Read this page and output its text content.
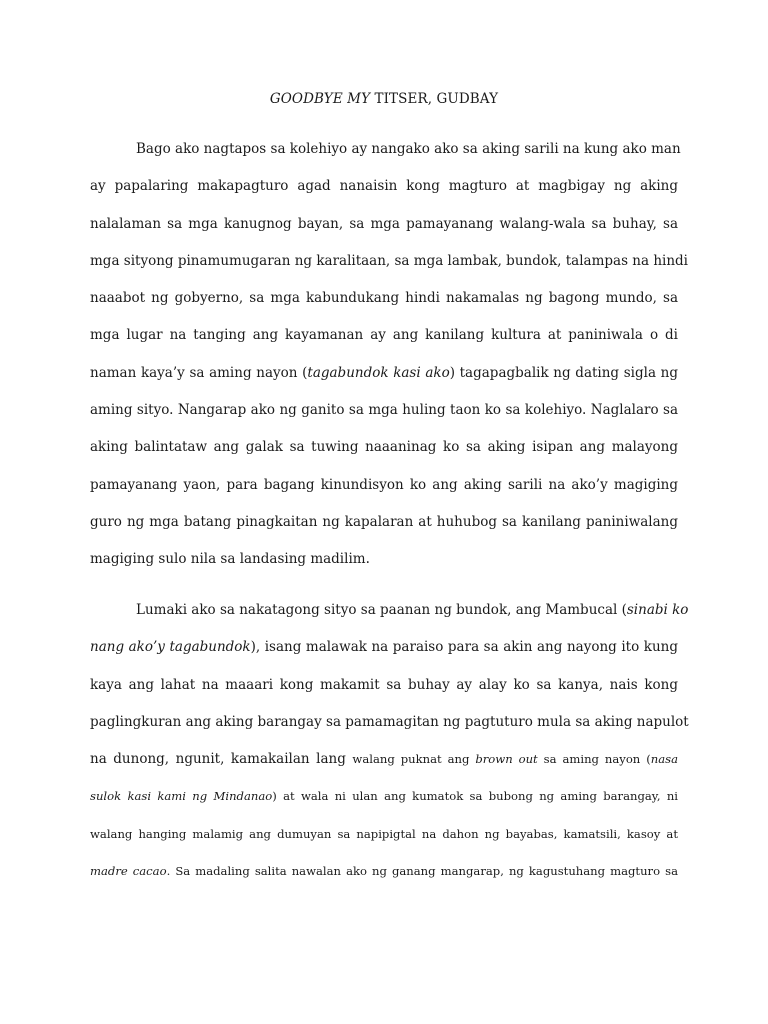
GOODBYE MY TITSER, GUDBAY
Bago ako nagtapos sa kolehiyo ay nangako ako sa aking sarili na kung ako man
ay papalaring makapagturo agad nanaisin kong magturo at magbigay ng aking
nalalaman sa mga kanugnog bayan, sa mga pamayanang walang-wala sa buhay, sa
mga sityong pinamumugaran ng karalitaan, sa mga lambak, bundok, talampas na hindi
naaabot ng gobyerno, sa mga kabundukang hindi nakamalas ng bagong mundo, sa
mga lugar na tanging ang kayamanan ay ang kanilang kultura at paniniwala o di
naman kaya’y sa aming nayon (tagabundok kasi ako) tagapagbalik ng dating sigla ng
aming sityo. Nangarap ako ng ganito sa mga huling taon ko sa kolehiyo. Naglalaro sa
aking balintataw ang galak sa tuwing naaaninag ko sa aking isipan ang malayong
pamayanang yaon, para bagang kinundisyon ko ang aking sarili na ako’y magiging
guro ng mga batang pinagkaitan ng kapalaran at huhubog sa kanilang paniniwalang
magiging sulo nila sa landasing madilim.
Lumaki ako sa nakatagong sityo sa paanan ng bundok, ang Mambucal (sinabi ko
nang ako’y tagabundok), isang malawak na paraiso para sa akin ang nayong ito kung
kaya ang lahat na maaari kong makamit sa buhay ay alay ko sa kanya, nais kong
paglingkuran ang aking barangay sa pamamagitan ng pagtuturo mula sa aking napulot
na dunong, ngunit, kamakailan lang walang puknat ang brown out sa aming nayon (nasa
sulok kasi kami ng Mindanao) at wala ni ulan ang kumatok sa bubong ng aming barangay, ni
walang hanging malamig ang dumuyan sa napipigtal na dahon ng bayabas, kamatsili, kasoy at
madre cacao. Sa madaling salita nawalan ako ng ganang mangarap, ng kagustuhang magturo sa
